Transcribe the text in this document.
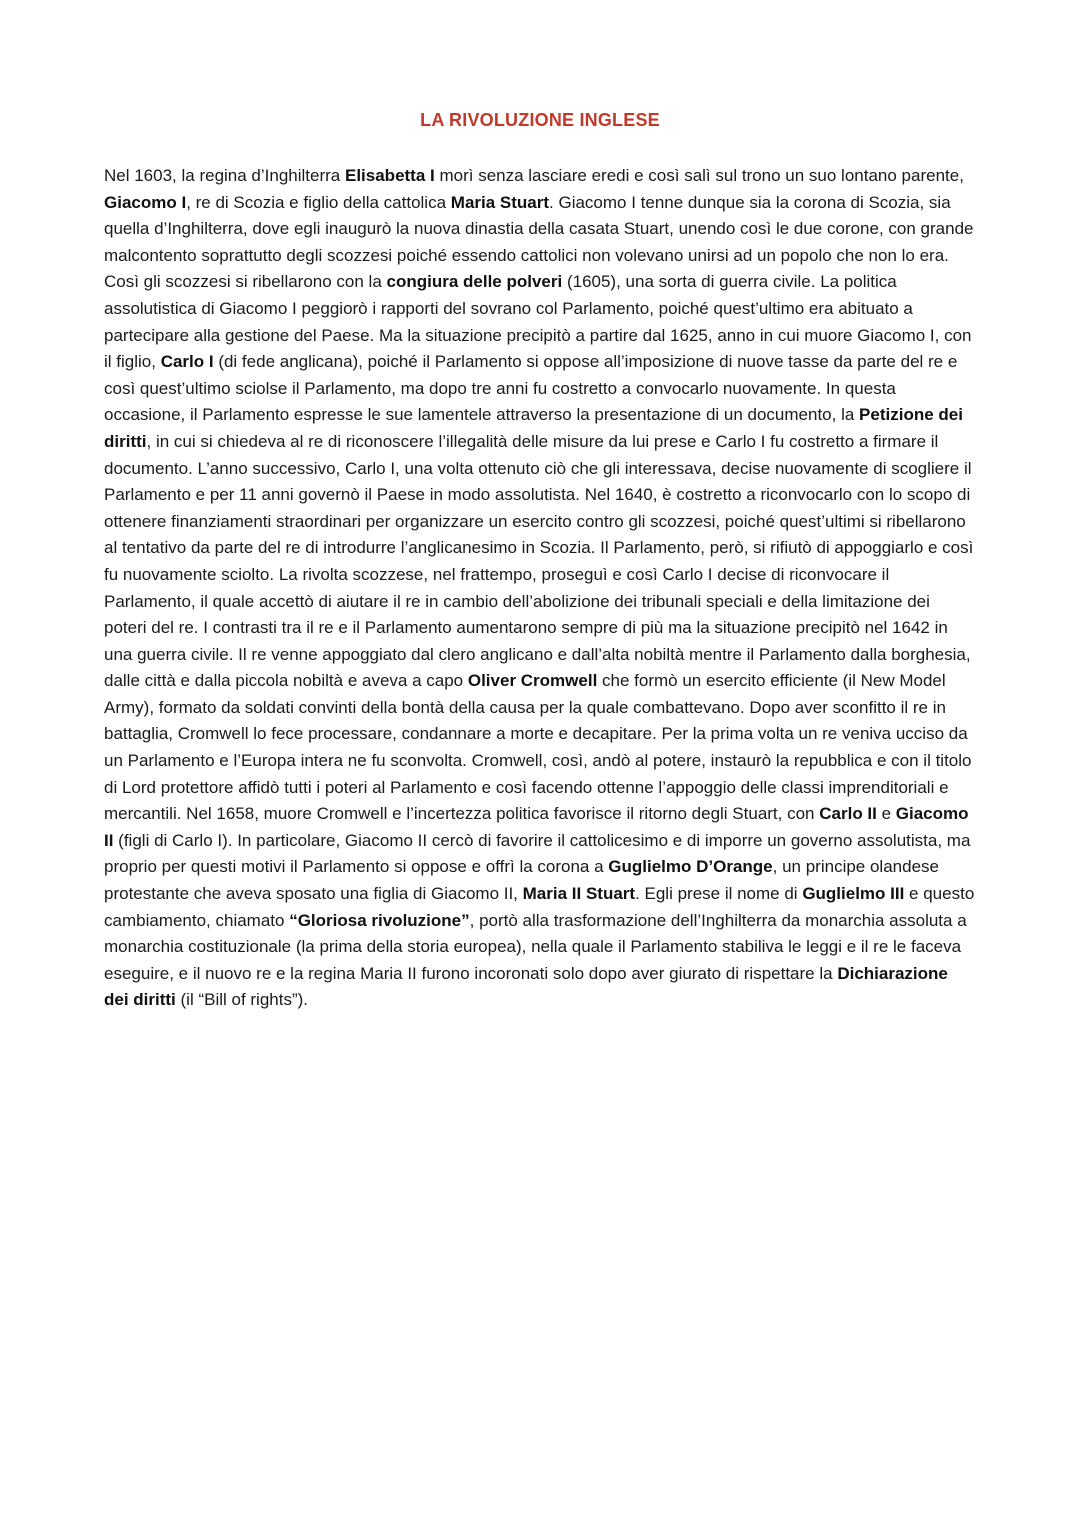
LA RIVOLUZIONE INGLESE

Nel 1603, la regina d’Inghilterra Elisabetta I morì senza lasciare eredi e così salì sul trono un suo lontano parente, Giacomo I, re di Scozia e figlio della cattolica Maria Stuart. Giacomo I tenne dunque sia la corona di Scozia, sia quella d’Inghilterra, dove egli inaugurò la nuova dinastia della casata Stuart, unendo così le due corone, con grande malcontento soprattutto degli scozzesi poiché essendo cattolici non volevano unirsi ad un popolo che non lo era. Così gli scozzesi si ribellarono con la congiura delle polveri (1605), una sorta di guerra civile. La politica assolutistica di Giacomo I peggiorò i rapporti del sovrano col Parlamento, poiché quest’ultimo era abituato a partecipare alla gestione del Paese. Ma la situazione precipitò a partire dal 1625, anno in cui muore Giacomo I, con il figlio, Carlo I (di fede anglicana), poiché il Parlamento si oppose all’imposizione di nuove tasse da parte del re e così quest’ultimo sciolse il Parlamento, ma dopo tre anni fu costretto a convocarlo nuovamente. In questa occasione, il Parlamento espresse le sue lamentele attraverso la presentazione di un documento, la Petizione dei diritti, in cui si chiedeva al re di riconoscere l’illegalità delle misure da lui prese e Carlo I fu costretto a firmare il documento. L’anno successivo, Carlo I, una volta ottenuto ciò che gli interessava, decise nuovamente di scogliere il Parlamento e per 11 anni governò il Paese in modo assolutista. Nel 1640, è costretto a riconvocarlo con lo scopo di ottenere finanziamenti straordinari per organizzare un esercito contro gli scozzesi, poiché quest’ultimi si ribellarono al tentativo da parte del re di introdurre l’anglicanesimo in Scozia. Il Parlamento, però, si rifiutò di appoggiarlo e così fu nuovamente sciolto. La rivolta scozzese, nel frattempo, proseguì e così Carlo I decise di riconvocare il Parlamento, il quale accettò di aiutare il re in cambio dell’abolizione dei tribunali speciali e della limitazione dei poteri del re. I contrasti tra il re e il Parlamento aumentarono sempre di più ma la situazione precipitò nel 1642 in una guerra civile. Il re venne appoggiato dal clero anglicano e dall’alta nobiltà mentre il Parlamento dalla borghesia, dalle città e dalla piccola nobiltà e aveva a capo Oliver Cromwell che formò un esercito efficiente (il New Model Army), formato da soldati convinti della bontà della causa per la quale combattevano. Dopo aver sconfitto il re in battaglia, Cromwell lo fece processare, condannare a morte e decapitare. Per la prima volta un re veniva ucciso da un Parlamento e l’Europa intera ne fu sconvolta. Cromwell, così, andò al potere, instaurò la repubblica e con il titolo di Lord protettore affidò tutti i poteri al Parlamento e così facendo ottenne l’appoggio delle classi imprenditoriali e mercantili. Nel 1658, muore Cromwell e l’incertezza politica favorisce il ritorno degli Stuart, con Carlo II e Giacomo II (figli di Carlo I). In particolare, Giacomo II cercò di favorire il cattolicesimo e di imporre un governo assolutista, ma proprio per questi motivi il Parlamento si oppose e offrì la corona a Guglielmo D’Orange, un principe olandese protestante che aveva sposato una figlia di Giacomo II, Maria II Stuart. Egli prese il nome di Guglielmo III e questo cambiamento, chiamato “Gloriosa rivoluzione”, portò alla trasformazione dell’Inghilterra da monarchia assoluta a monarchia costituzionale (la prima della storia europea), nella quale il Parlamento stabiliva le leggi e il re le faceva eseguire, e il nuovo re e la regina Maria II furono incoronati solo dopo aver giurato di rispettare la Dichiarazione dei diritti (il “Bill of rights”).
